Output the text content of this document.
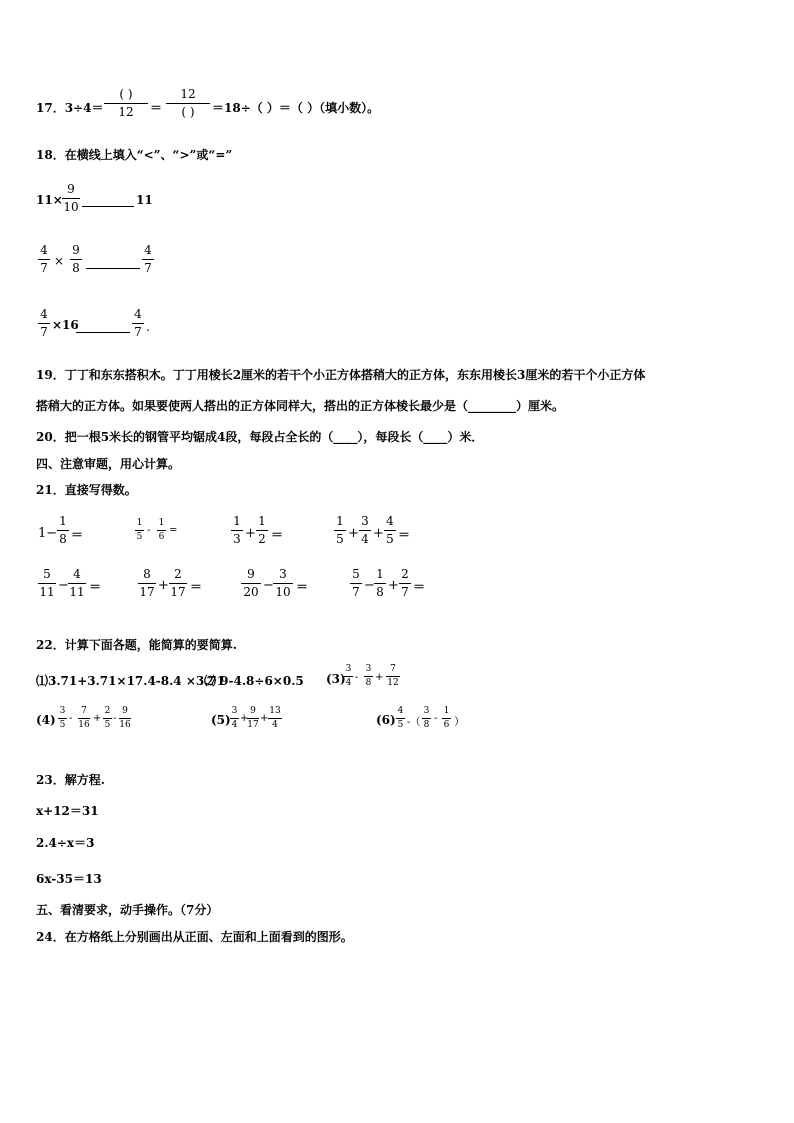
17．3÷4＝
( )
12	＝
12
( )	＝18÷（ ）＝（ ）（填小数）。
18．在横线上填入“<”、“>”或“=”
11×
9
10	11
4
7 ×
9
8
4
7
4
7 ×16
4
7 .
19．丁丁和东东搭积木。丁丁用棱长2厘米的若干个小正方体搭稍大的正方体，东东用棱长3厘米的若干个小正方体
搭稍大的正方体。如果要使两人搭出的正方体同样大，搭出的正方体棱长最少是（________）厘米。
20．把一根5米长的钢管平均锯成4段，每段占全长的（____），每段长（____）米．
四、注意审题，用心计算。
21．直接写得数。
1−
1
8 ＝
1
5
-
1
6
=
1
3 +
1
2 ＝
1
5 +
3
4 +
4
5 ＝
5
11 −
4
11 ＝
8
17 +
2
17 ＝
9
20 −
3
10 ＝
5
7 −
1
8 +
2
7 ＝
22．计算下面各题，能简算的要简算.
⑴3.71+3.71×17.4-8.4 ×3.71
⑵ 9-4.8÷6×0.5 (3)
3
4 -
3
8 +
7
12
(4)
3
5
-
7
16
+
2
5
-
9
16	(5)
3
4
+
9
17
+
13
4	(6)
4
5 -（
3
8
-
1
6 ）
23．解方程.
x+12＝31
2.4÷x＝3
6x-35＝13
五、看清要求，动手操作。（7分）
24．在方格纸上分别画出从正面、左面和上面看到的图形。
